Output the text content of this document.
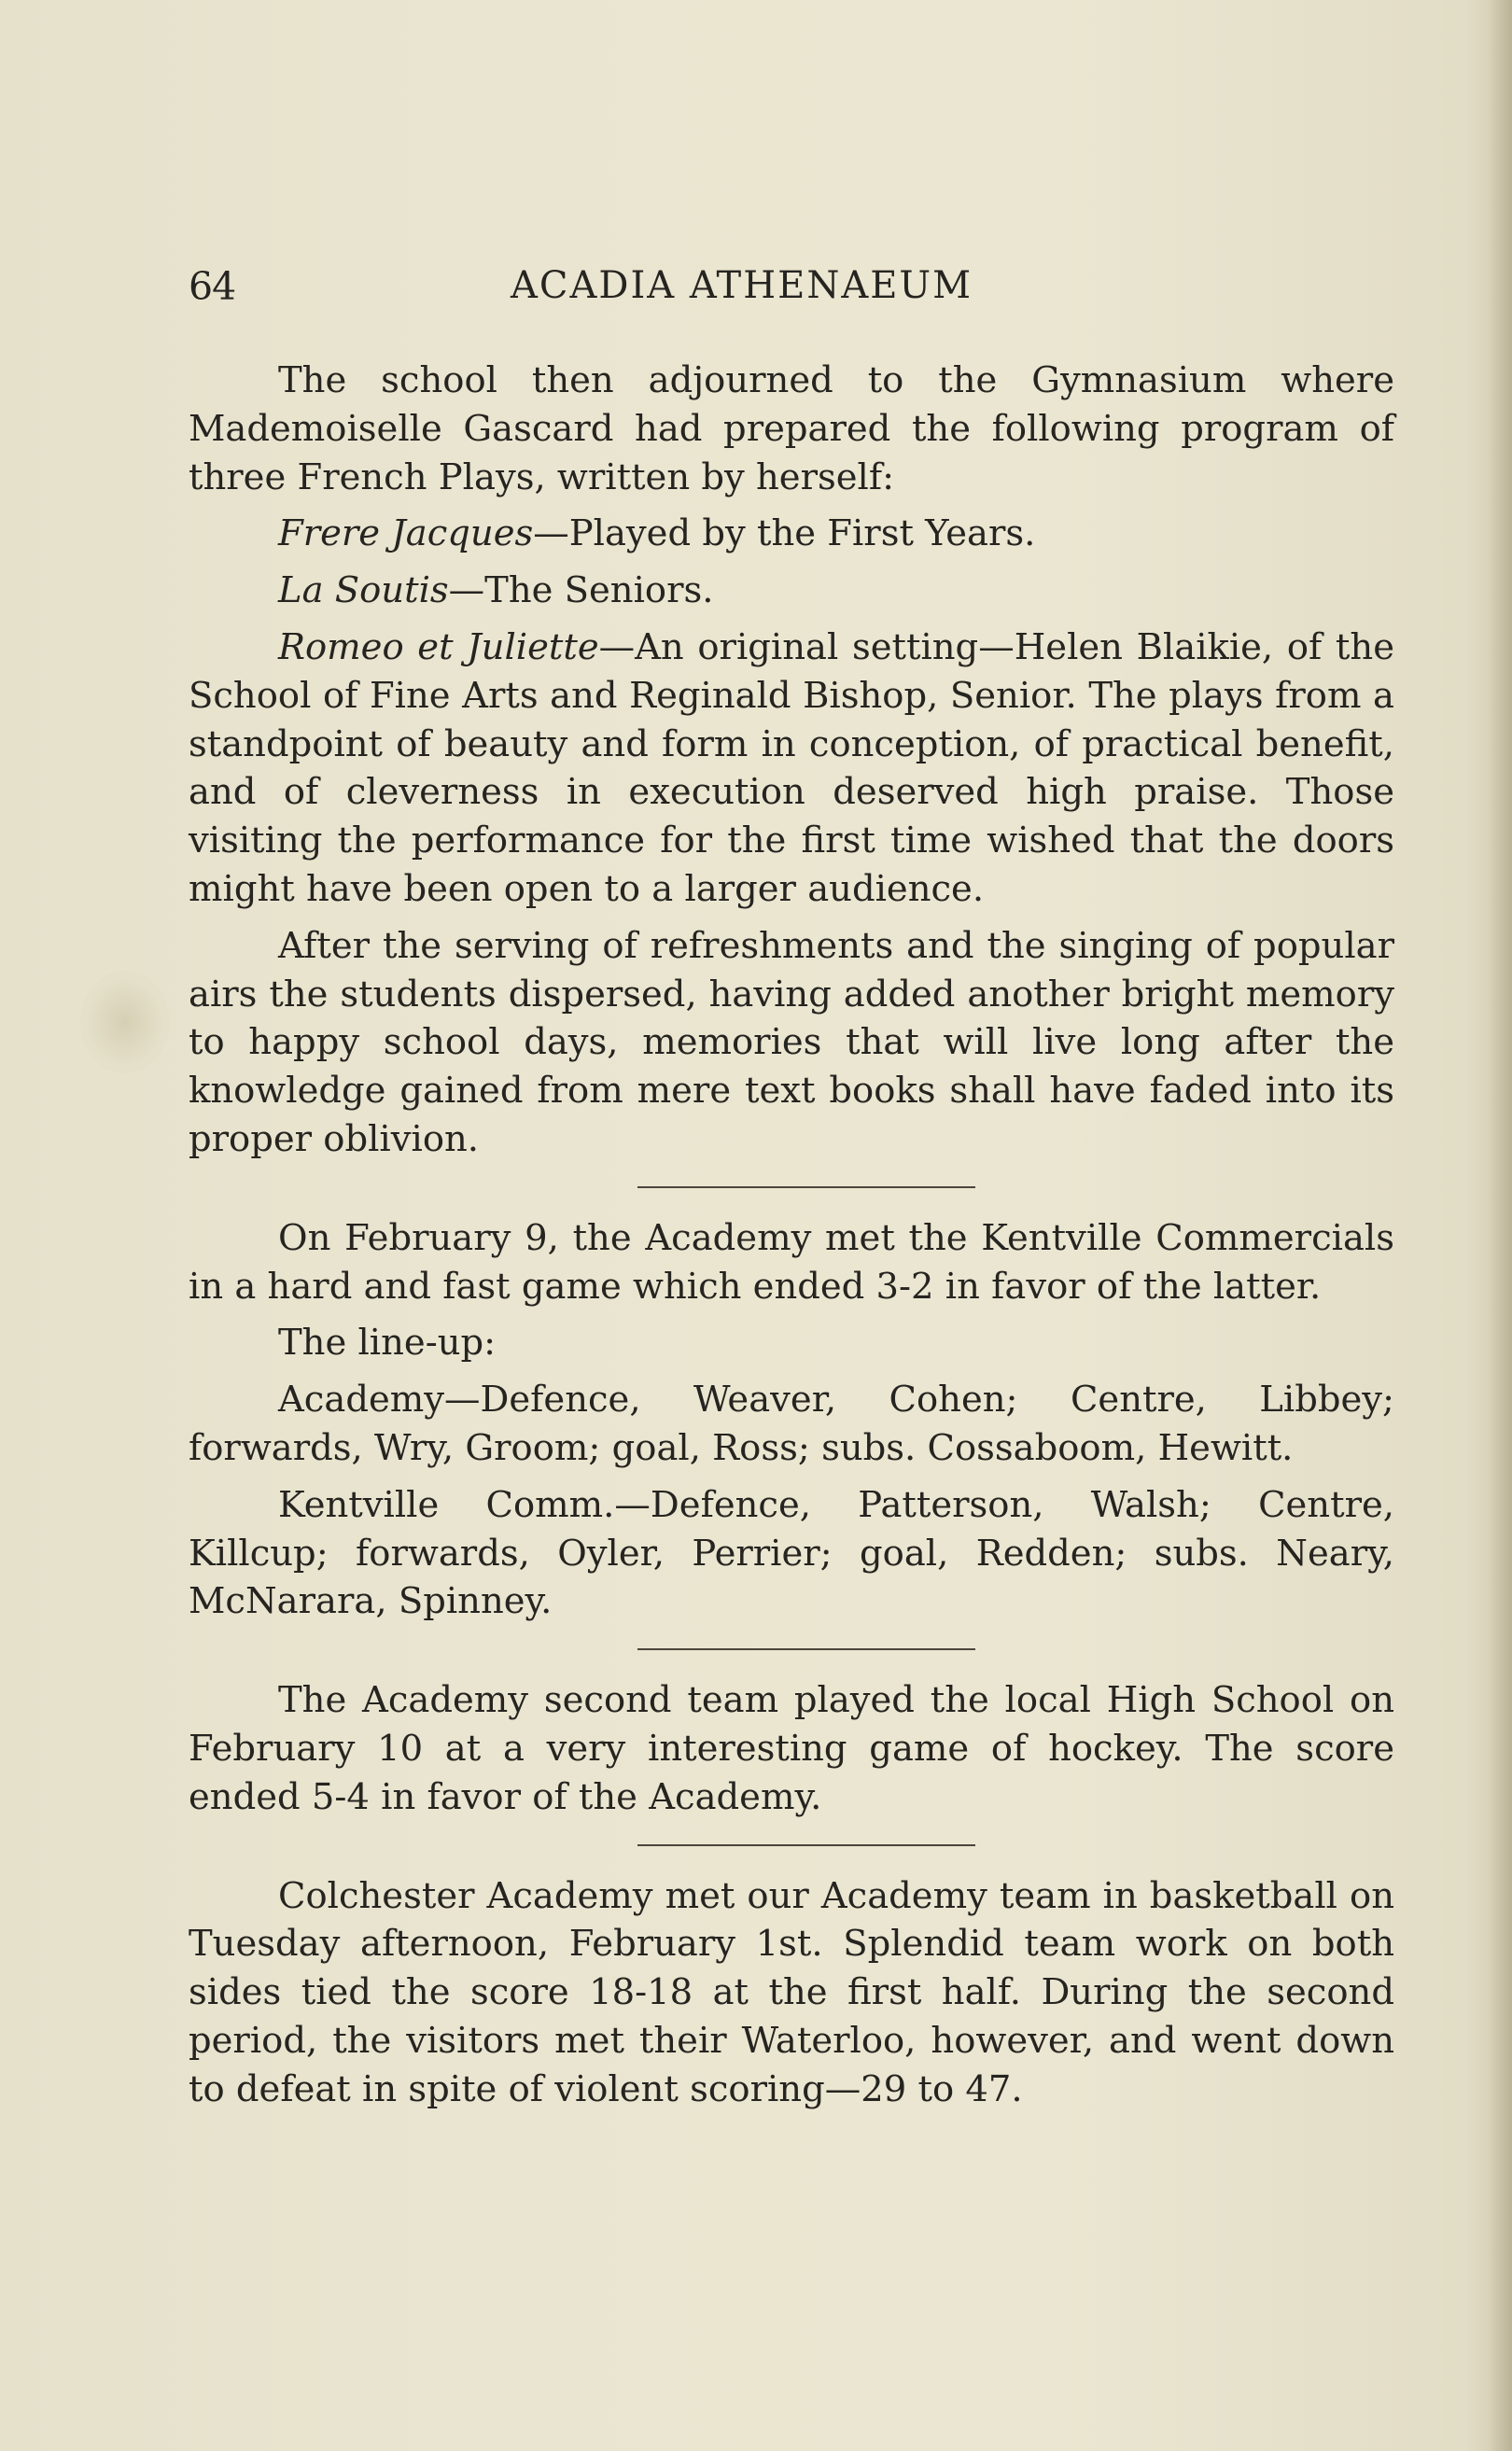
64	ACADIA ATHENAEUM

The school then adjourned to the Gymnasium where Mademoiselle Gascard had prepared the following program of three French Plays, written by herself:

Frere Jacques—Played by the First Years.

La Soutis—The Seniors.

Romeo et Juliette—An original setting—Helen Blaikie, of the School of Fine Arts and Reginald Bishop, Senior. The plays from a standpoint of beauty and form in conception, of practical benefit, and of cleverness in execution deserved high praise. Those visiting the performance for the first time wished that the doors might have been open to a larger audience.

After the serving of refreshments and the singing of popular airs the students dispersed, having added another bright memory to happy school days, memories that will live long after the knowledge gained from mere text books shall have faded into its proper oblivion.

On February 9, the Academy met the Kentville Commercials in a hard and fast game which ended 3-2 in favor of the latter.

The line-up:

Academy—Defence, Weaver, Cohen; Centre, Libbey; forwards, Wry, Groom; goal, Ross; subs. Cossaboom, Hewitt.

Kentville Comm.—Defence, Patterson, Walsh; Centre, Killcup; forwards, Oyler, Perrier; goal, Redden; subs. Neary, McNarara, Spinney.

The Academy second team played the local High School on February 10 at a very interesting game of hockey. The score ended 5-4 in favor of the Academy.

Colchester Academy met our Academy team in basketball on Tuesday afternoon, February 1st. Splendid team work on both sides tied the score 18-18 at the first half. During the second period, the visitors met their Waterloo, however, and went down to defeat in spite of violent scoring—29 to 47.
